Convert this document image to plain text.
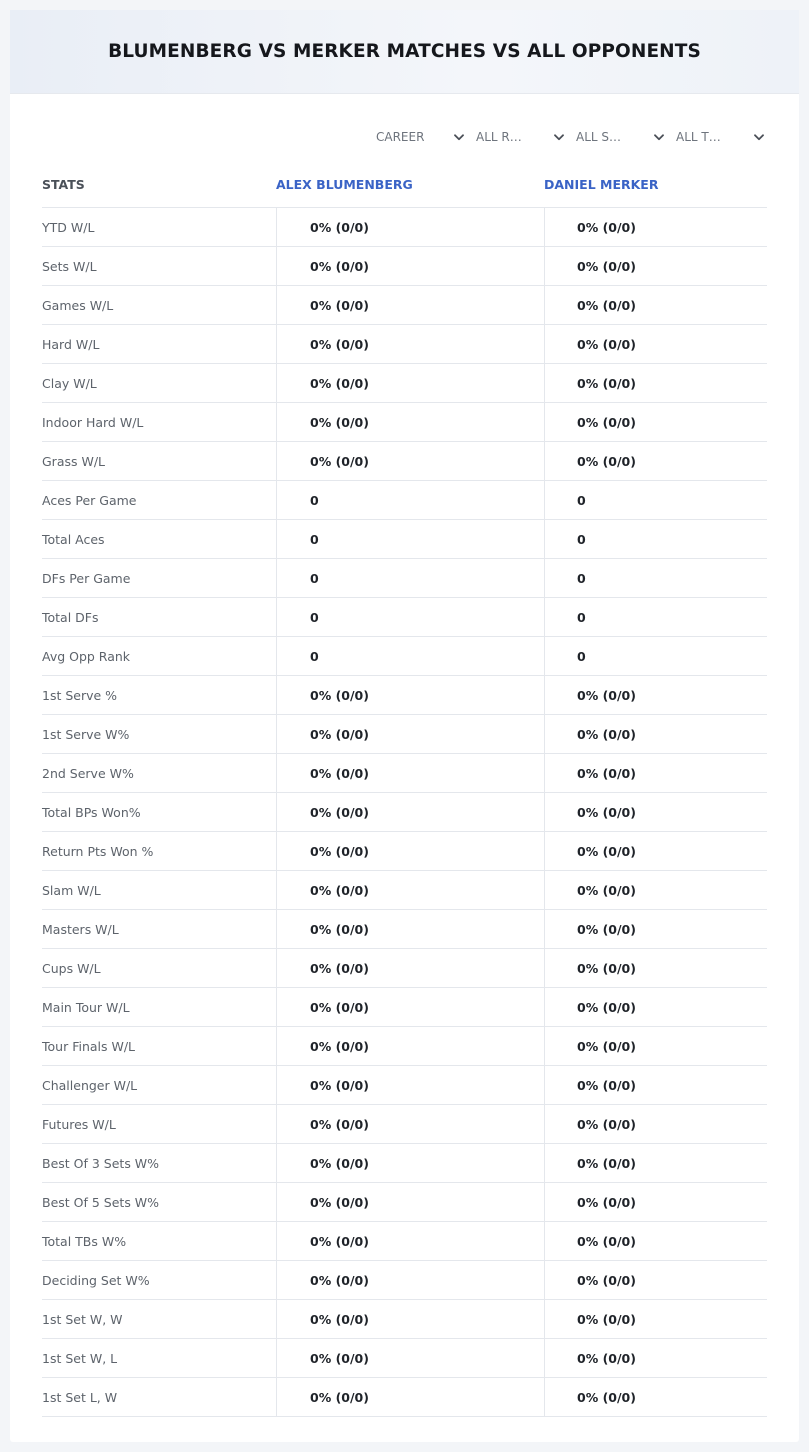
BLUMENBERG VS MERKER MATCHES VS ALL OPPONENTS
CAREER	ALL R…	ALL S…	ALL T…
STATS	ALEX BLUMENBERG	DANIEL MERKER
YTD W/L	0% (0/0)	0% (0/0)
Sets W/L	0% (0/0)	0% (0/0)
Games W/L	0% (0/0)	0% (0/0)
Hard W/L	0% (0/0)	0% (0/0)
Clay W/L	0% (0/0)	0% (0/0)
Indoor Hard W/L	0% (0/0)	0% (0/0)
Grass W/L	0% (0/0)	0% (0/0)
Aces Per Game	0	0
Total Aces	0	0
DFs Per Game	0	0
Total DFs	0	0
Avg Opp Rank	0	0
1st Serve %	0% (0/0)	0% (0/0)
1st Serve W%	0% (0/0)	0% (0/0)
2nd Serve W%	0% (0/0)	0% (0/0)
Total BPs Won%	0% (0/0)	0% (0/0)
Return Pts Won %	0% (0/0)	0% (0/0)
Slam W/L	0% (0/0)	0% (0/0)
Masters W/L	0% (0/0)	0% (0/0)
Cups W/L	0% (0/0)	0% (0/0)
Main Tour W/L	0% (0/0)	0% (0/0)
Tour Finals W/L	0% (0/0)	0% (0/0)
Challenger W/L	0% (0/0)	0% (0/0)
Futures W/L	0% (0/0)	0% (0/0)
Best Of 3 Sets W%	0% (0/0)	0% (0/0)
Best Of 5 Sets W%	0% (0/0)	0% (0/0)
Total TBs W%	0% (0/0)	0% (0/0)
Deciding Set W%	0% (0/0)	0% (0/0)
1st Set W, W	0% (0/0)	0% (0/0)
1st Set W, L	0% (0/0)	0% (0/0)
1st Set L, W	0% (0/0)	0% (0/0)
